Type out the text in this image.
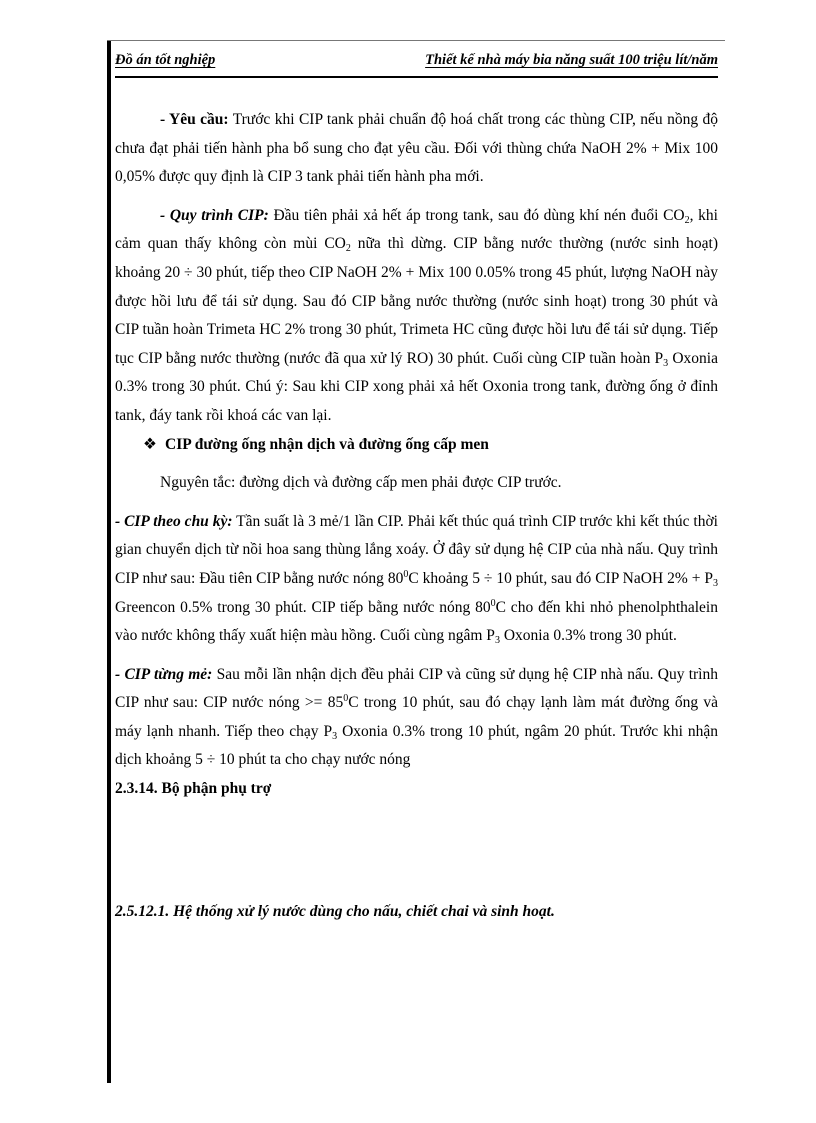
Đồ án tốt nghiệp	Thiết kế nhà máy bia năng suất 100 triệu lít/năm

- Yêu cầu: Trước khi CIP tank phải chuẩn độ hoá chất trong các thùng CIP, nếu nồng độ chưa đạt phải tiến hành pha bổ sung cho đạt yêu cầu. Đối với thùng chứa NaOH 2% + Mix 100 0,05% được quy định là CIP 3 tank phải tiến hành pha mới.

- Quy trình CIP: Đầu tiên phải xả hết áp trong tank, sau đó dùng khí nén đuổi $CO_2$, khi cảm quan thấy không còn mùi $CO_2$ nữa thì dừng. CIP bằng nước thường (nước sinh hoạt) khoảng 20 ÷ 30 phút, tiếp theo CIP NaOH 2% + Mix 100 0.05% trong 45 phút, lượng NaOH này được hồi lưu để tái sử dụng. Sau đó CIP bằng nước thường (nước sinh hoạt) trong 30 phút và CIP tuần hoàn Trimeta HC 2% trong 30 phút, Trimeta HC cũng được hồi lưu để tái sử dụng. Tiếp tục CIP bằng nước thường (nước đã qua xử lý RO) 30 phút. Cuối cùng CIP tuần hoàn $P_3$ Oxonia 0.3% trong 30 phút. Chú ý: Sau khi CIP xong phải xả hết Oxonia trong tank, đường ống ở đỉnh tank, đáy tank rồi khoá các van lại.

❖ CIP đường ống nhận dịch và đường ống cấp men

Nguyên tắc: đường dịch và đường cấp men phải được CIP trước.

- CIP theo chu kỳ: Tần suất là 3 mẻ/1 lần CIP. Phải kết thúc quá trình CIP trước khi kết thúc thời gian chuyển dịch từ nồi hoa sang thùng lắng xoáy. Ở đây sử dụng hệ CIP của nhà nấu. Quy trình CIP như sau: Đầu tiên CIP bằng nước nóng $80^0C$ khoảng 5 ÷ 10 phút, sau đó CIP NaOH $2\% + P_3$ Greencon 0.5% trong 30 phút. CIP tiếp bằng nước nóng $80^0C$ cho đến khi nhỏ phenolphthalein vào nước không thấy xuất hiện màu hồng. Cuối cùng ngâm $P_3$ Oxonia 0.3% trong 30 phút.

- CIP từng mẻ: Sau mỗi lần nhận dịch đều phải CIP và cũng sử dụng hệ CIP nhà nấu. Quy trình CIP như sau: CIP nước nóng >= $85^0C$ trong 10 phút, sau đó chạy lạnh làm mát đường ống và máy lạnh nhanh. Tiếp theo chạy $P_3$ Oxonia 0.3% trong 10 phút, ngâm 20 phút. Trước khi nhận dịch khoảng 5 ÷ 10 phút ta cho chạy nước nóng

2.3.14. Bộ phận phụ trợ

2.5.12.1. Hệ thống xử lý nước dùng cho nấu, chiết chai và sinh hoạt.
